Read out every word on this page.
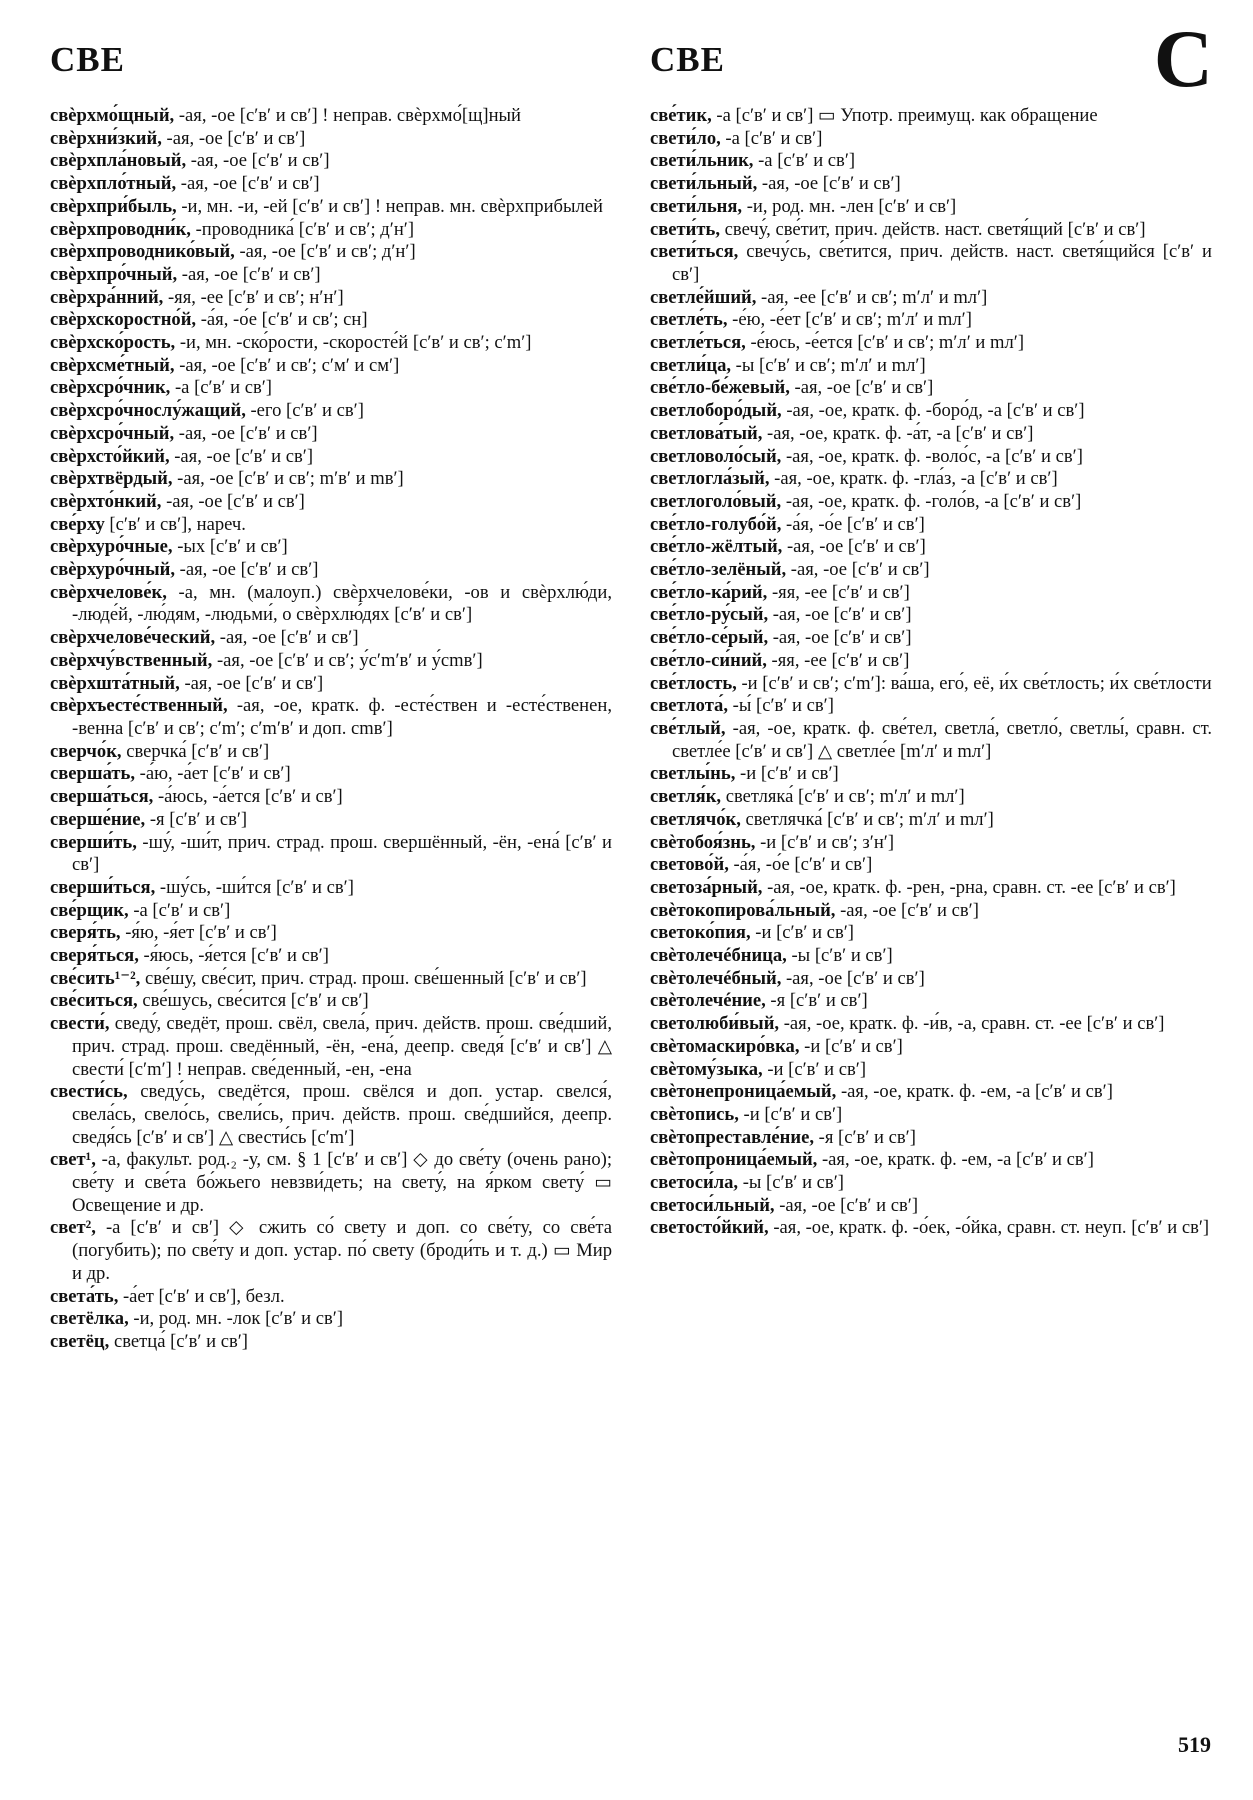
СВЕ	СВЕ	С

свѐрхмо́щный, -ая, -ое [cʹвʹ и cвʹ] ! неправ. свѐрхмо́[щ]ный

свѐрхни́зкий, -ая, -ое [cʹвʹ и cвʹ]

свѐрхпла́новый, -ая, -ое [cʹвʹ и cвʹ]

свѐрхпло́тный, -ая, -ое [cʹвʹ и cвʹ]

свѐрхпри́быль, -и, мн. -и, -ей [cʹвʹ и cвʹ] ! неправ. мн. свѐрхприбылей

свѐрхпроводни́к, -проводника́ [cʹвʹ и cвʹ; дʹнʹ]

свѐрхпроводнико́вый, -ая, -ое [cʹвʹ и cвʹ; дʹнʹ]

свѐрхпро́чный, -ая, -ое [cʹвʹ и cвʹ]

свѐрхра́нний, -яя, -ее [cʹвʹ и cвʹ; нʹнʹ]

свѐрхскоростно́й, -а́я, -о́е [cʹвʹ и cвʹ; сн]

свѐрхско́рость, -и, мн. -ско́рости, -скоросте́й [cʹвʹ и cвʹ; cʹmʹ]

свѐрхсме́тный, -ая, -ое [cʹвʹ и cвʹ; cʹмʹ и cмʹ]

свѐрхсро́чник, -а [cʹвʹ и cвʹ]

свѐрхсро́чнослу́жащий, -его [cʹвʹ и cвʹ]

свѐрхсро́чный, -ая, -ое [cʹвʹ и cвʹ]

свѐрхсто́йкий, -ая, -ое [cʹвʹ и cвʹ]

свѐрхтвёрдый, -ая, -ое [cʹвʹ и cвʹ; mʹвʹ и mвʹ]

свѐрхто́нкий, -ая, -ое [cʹвʹ и cвʹ]

све́рху [cʹвʹ и cвʹ], нареч.

свѐрхуро́чные, -ых [cʹвʹ и cвʹ]

свѐрхуро́чный, -ая, -ое [cʹвʹ и cвʹ]

свѐрхчелове́к, -а, мн. (малоуп.) свѐрхчелове́ки, -ов и свѐрхлю́ди, -люде́й, -лю́дям, -людьми́, о свѐрхлю́дях [cʹвʹ и cвʹ]

свѐрхчелове́ческий, -ая, -ое [cʹвʹ и cвʹ]

свѐрхчу́вственный, -ая, -ое [cʹвʹ и cвʹ; у́cʹmʹвʹ и у́cmвʹ]

свѐрхшта́тный, -ая, -ое [cʹвʹ и cвʹ]

свѐрхъесте́ственный, -ая, -ое, кратк. ф. -есте́ствен и -есте́ственен, -венна [cʹвʹ и cвʹ; cʹmʹ; cʹmʹвʹ и доп. cmвʹ]

сверчо́к, сверчка́ [cʹвʹ и cвʹ]

сверша́ть, -а́ю, -а́ет [cʹвʹ и cвʹ]

сверша́ться, -а́юсь, -а́ется [cʹвʹ и cвʹ]

сверше́ние, -я [cʹвʹ и cвʹ]

сверши́ть, -шу́, -ши́т, прич. страд. прош. свершённый, -ён, -ена́ [cʹвʹ и cвʹ]

сверши́ться, -шу́сь, -ши́тся [cʹвʹ и cвʹ]

све́рщик, -а [cʹвʹ и cвʹ]

сверя́ть, -я́ю, -я́ет [cʹвʹ и cвʹ]

сверя́ться, -я́юсь, -я́ется [cʹвʹ и cвʹ]

све́сить¹⁻², све́шу, све́сит, прич. страд. прош. све́шенный [cʹвʹ и cвʹ]

све́ситься, све́шусь, све́сится [cʹвʹ и cвʹ]

свести́, сведу́, сведёт, прош. свёл, свела́, прич. действ. прош. све́дший, прич. страд. прош. сведённый, -ён, -ена́, деепр. сведя́ [cʹвʹ и cвʹ] △ свести́ [cʹmʹ] ! неправ. све́денный, -ен, -ена

свести́сь, сведу́сь, сведётся, прош. свёлся и доп. устар. свелся́, свела́сь, свело́сь, свели́сь, прич. действ. прош. све́дшийся, деепр. сведя́сь [cʹвʹ и cвʹ] △ свести́сь [cʹmʹ]

свет¹, -а, факульт. род.₂ -у, см. § 1 [cʹвʹ и cвʹ] ◇ до све́ту (очень рано); све́ту и све́та бо́жьего невзви́деть; на свету́, на я́рком свету́ ▭ Освещение и др.

свет², -а [cʹвʹ и cвʹ] ◇ сжить со́ свету и доп. со све́ту, со све́та (погубить); по све́ту и доп. устар. по́ свету (броди́ть и т. д.) ▭ Мир и др.

света́ть, -а́ет [cʹвʹ и cвʹ], безл.

светёлка, -и, род. мн. -лок [cʹвʹ и cвʹ]

светёц, светца́ [cʹвʹ и cвʹ]

све́тик, -а [cʹвʹ и cвʹ] ▭ Употр. преимущ. как обращение

свети́ло, -а [cʹвʹ и cвʹ]

свети́льник, -а [cʹвʹ и cвʹ]

свети́льный, -ая, -ое [cʹвʹ и cвʹ]

свети́льня, -и, род. мн. -лен [cʹвʹ и cвʹ]

свети́ть, свечу́, све́тит, прич. действ. наст. светя́щий [cʹвʹ и cвʹ]

свети́ться, свечу́сь, све́тится, прич. действ. наст. светя́щийся [cʹвʹ и cвʹ]

светле́йший, -ая, -ее [cʹвʹ и cвʹ; mʹлʹ и mлʹ]

светле́ть, -е́ю, -е́ет [cʹвʹ и cвʹ; mʹлʹ и mлʹ]

светле́ться, -е́юсь, -е́ется [cʹвʹ и cвʹ; mʹлʹ и mлʹ]

светли́ца, -ы [cʹвʹ и cвʹ; mʹлʹ и mлʹ]

све́тло-бе́жевый, -ая, -ое [cʹвʹ и cвʹ]

светлоборо́дый, -ая, -ое, кратк. ф. -боро́д, -а [cʹвʹ и cвʹ]

светлова́тый, -ая, -ое, кратк. ф. -а́т, -а [cʹвʹ и cвʹ]

светловоло́сый, -ая, -ое, кратк. ф. -воло́с, -а [cʹвʹ и cвʹ]

светлогла́зый, -ая, -ое, кратк. ф. -гла́з, -а [cʹвʹ и cвʹ]

светлоголо́вый, -ая, -ое, кратк. ф. -голо́в, -а [cʹвʹ и cвʹ]

све́тло-голубо́й, -а́я, -о́е [cʹвʹ и cвʹ]

све́тло-жёлтый, -ая, -ое [cʹвʹ и cвʹ]

све́тло-зелёный, -ая, -ое [cʹвʹ и cвʹ]

све́тло-ка́рий, -яя, -ее [cʹвʹ и cвʹ]

све́тло-ру́сый, -ая, -ое [cʹвʹ и cвʹ]

све́тло-се́рый, -ая, -ое [cʹвʹ и cвʹ]

све́тло-си́ний, -яя, -ее [cʹвʹ и cвʹ]

све́тлость, -и [cʹвʹ и cвʹ; cʹmʹ]: ва́ша, его́, её, и́х све́тлость; и́х све́тлости

светлота́, -ы́ [cʹвʹ и cвʹ]

све́тлый, -ая, -ое, кратк. ф. све́тел, светла́, светло́, светлы́, сравн. ст. светле́е [cʹвʹ и cвʹ] △ светле́е [mʹлʹ и mлʹ]

светлы́нь, -и [cʹвʹ и cвʹ]

светля́к, светляка́ [cʹвʹ и cвʹ; mʹлʹ и mлʹ]

светлячо́к, светлячка́ [cʹвʹ и cвʹ; mʹлʹ и mлʹ]

свѐтобоя́знь, -и [cʹвʹ и cвʹ; зʹнʹ]

светово́й, -а́я, -о́е [cʹвʹ и cвʹ]

светоза́рный, -ая, -ое, кратк. ф. -рен, -рна, сравн. ст. -ее [cʹвʹ и cвʹ]

свѐтокопирова́льный, -ая, -ое [cʹвʹ и cвʹ]

светоко́пия, -и [cʹвʹ и cвʹ]

свѐтолечéбница, -ы [cʹвʹ и cвʹ]

свѐтолечéбный, -ая, -ое [cʹвʹ и cвʹ]

свѐтолечéние, -я [cʹвʹ и cвʹ]

светолюби́вый, -ая, -ое, кратк. ф. -и́в, -а, сравн. ст. -ее [cʹвʹ и cвʹ]

свѐтомаскиро́вка, -и [cʹвʹ и cвʹ]

свѐтому́зыка, -и [cʹвʹ и cвʹ]

свѐтонепроница́емый, -ая, -ое, кратк. ф. -ем, -а [cʹвʹ и cвʹ]

свѐтопись, -и [cʹвʹ и cвʹ]

свѐтопреставле́ние, -я [cʹвʹ и cвʹ]

свѐтопроница́емый, -ая, -ое, кратк. ф. -ем, -а [cʹвʹ и cвʹ]

светоси́ла, -ы [cʹвʹ и cвʹ]

светоси́льный, -ая, -ое [cʹвʹ и cвʹ]

светосто́йкий, -ая, -ое, кратк. ф. -о́ек, -о́йка, сравн. ст. неуп. [cʹвʹ и cвʹ]

519
